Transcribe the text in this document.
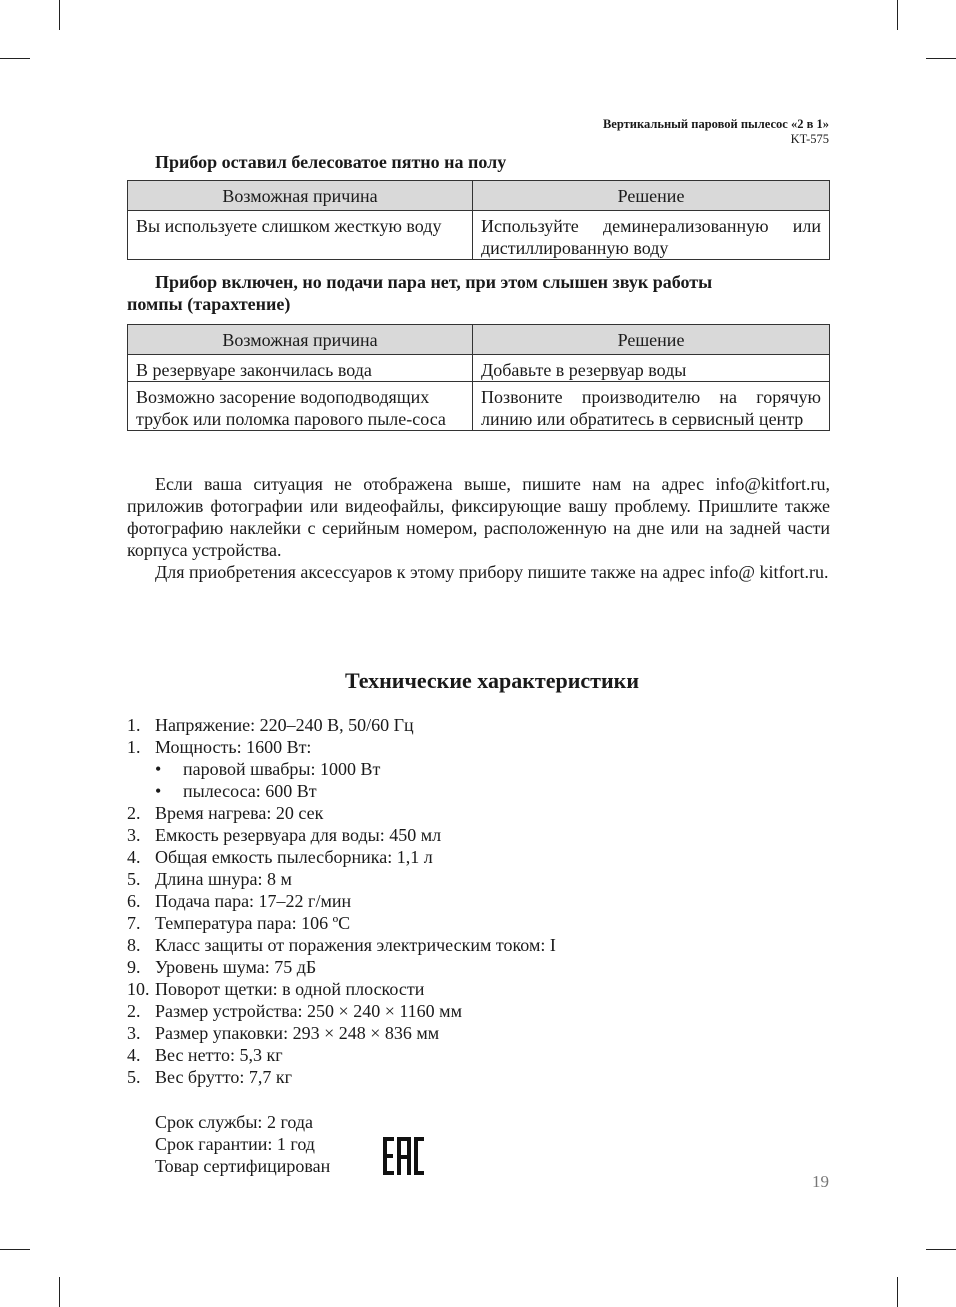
Вертикальный паровой пылесос «2 в 1»
KT-575
Прибор оставил белесоватое пятно на полу
Возможная причина	Решение
Вы используете слишком жесткую воду	Используйте деминерализованную или дистиллированную воду
Прибор включен, но подачи пара нет, при этом слышен звук работы помпы (тарахтение)
Возможная причина	Решение
В резервуаре закончилась вода	Добавьте в резервуар воды
Возможно засорение водоподводящих трубок или поломка парового пыле-соса	Позвоните производителю на горячую линию или обратитесь в сервисный центр
Если ваша ситуация не отображена выше, пишите нам на адрес info@kitfort.ru, приложив фотографии или видеофайлы, фиксирующие вашу проблему. Пришлите также фотографию наклейки с серийным номером, расположенную на дне или на задней части корпуса устройства.
Для приобретения аксессуаров к этому прибору пишите также на адрес info@ kitfort.ru.
Технические характеристики
1. Напряжение: 220–240 В, 50/60 Гц
1. Мощность: 1600 Вт:
• паровой швабры: 1000 Вт
• пылесоса: 600 Вт
2. Время нагрева: 20 сек
3. Емкость резервуара для воды: 450 мл
4. Общая емкость пылесборника: 1,1 л
5. Длина шнура: 8 м
6. Подача пара: 17–22 г/мин
7. Температура пара: 106 ºС
8. Класс защиты от поражения электрическим током: I
9. Уровень шума: 75 дБ
10. Поворот щетки: в одной плоскости
2. Размер устройства: 250 × 240 × 1160 мм
3. Размер упаковки: 293 × 248 × 836 мм
4. Вес нетто: 5,3 кг
5. Вес брутто: 7,7 кг
Срок службы: 2 года
Срок гарантии: 1 год
Товар сертифицирован
19
